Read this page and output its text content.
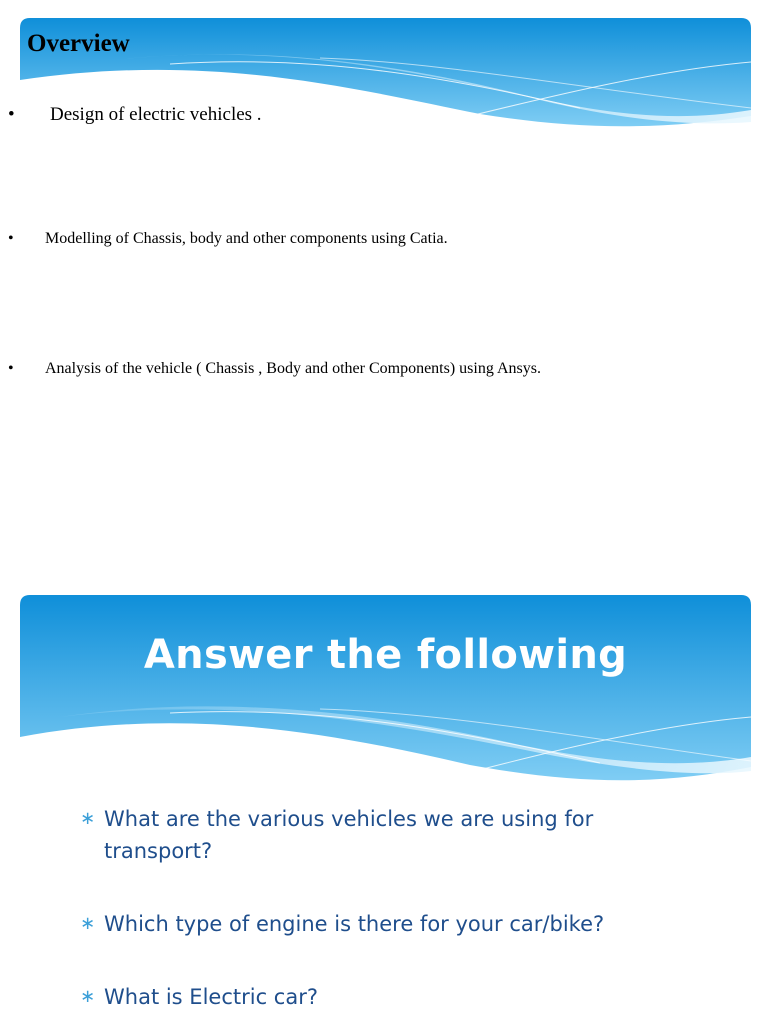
Overview
• Design of electric vehicles .
• Modelling of Chassis, body and other components using Catia.
• Analysis of the vehicle ( Chassis , Body and other Components) using Ansys.
Answer the following
∗ What are the various vehicles we are using for transport?
∗ Which type of engine is there for your car/bike?
∗ What is Electric car?
